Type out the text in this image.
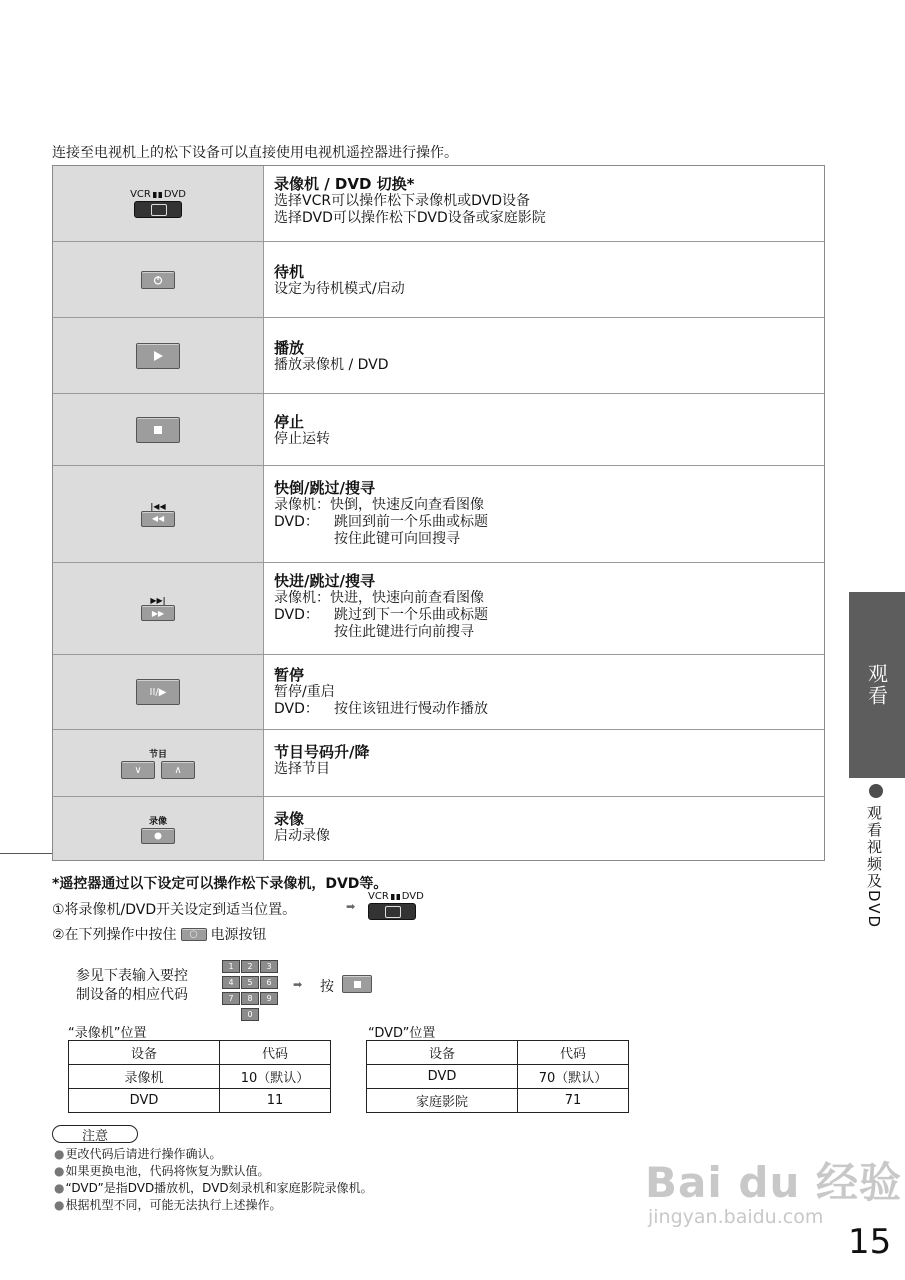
连接至电视机上的松下设备可以直接使用电视机遥控器进行操作。
VCR DVD
录像机 / DVD 切换*
选择VCR可以操作松下录像机或DVD设备
选择DVD可以操作松下DVD设备或家庭影院
待机
设定为待机模式/启动
播放
播放录像机 / DVD
停止
停止运转
|◀◀
◀◀
快倒/跳过/搜寻
录像机：快倒，快速反向查看图像
DVD：	跳回到前一个乐曲或标题
按住此键可向回搜寻
▶▶|
▶▶
快进/跳过/搜寻
录像机：快进，快速向前查看图像
DVD：	跳过到下一个乐曲或标题
按住此键进行向前搜寻
II/▶
暂停
暂停/重启
DVD：	按住该钮进行慢动作播放
节目
∨	∧
节目号码升/降
选择节目
录像	录像
启动录像
观看
观看视频及DVD
*遥控器通过以下设定可以操作松下录像机，DVD等。
①将录像机/DVD开关设定到适当位置。	➡
VCR DVD
②在下列操作中按住 ◯ 电源按钮
参见下表输入要控
制设备的相应代码
1	2	3
4	5	6
7	8	9
0
➡ 按
“录像机”位置
设备	代码
录像机	10（默认）
DVD	11
“DVD”位置
设备	代码
DVD	70（默认）
家庭影院	71
注意
● 更改代码后请进行操作确认。
● 如果更换电池，代码将恢复为默认值。
● “DVD”是指DVD播放机，DVD刻录机和家庭影院录像机。
● 根据机型不同，可能无法执行上述操作。	Bai du 经验
jingyan.baidu.com
15
